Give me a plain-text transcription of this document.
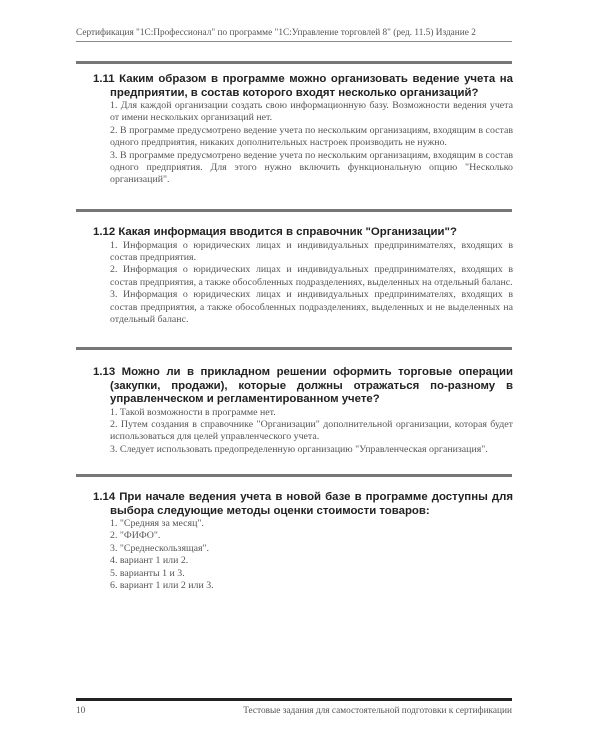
Сертификация "1С:Профессионал" по программе "1С:Управление торговлей 8" (ред. 11.5) Издание 2
1.11 Каким образом в программе можно организовать ведение учета на предприятии, в состав которого входят несколько организаций?
1. Для каждой организации создать свою информационную базу. Возможности ведения учета от имени нескольких организаций нет.
2. В программе предусмотрено ведение учета по нескольким организациям, входящим в состав одного предприятия, никаких дополнительных настроек производить не нужно.
3. В программе предусмотрено ведение учета по нескольким организациям, входящим в состав одного предприятия. Для этого нужно включить функциональную опцию "Несколько организаций".
1.12 Какая информация вводится в справочник "Организации"?
1. Информация о юридических лицах и индивидуальных предпринимателях, входящих в состав предприятия.
2. Информация о юридических лицах и индивидуальных предпринимателях, входящих в состав предприятия, а также обособленных подразделениях, выделенных на отдельный баланс.
3. Информация о юридических лицах и индивидуальных предпринимателях, входящих в состав предприятия, а также обособленных подразделениях, выделенных и не выделенных на отдельный баланс.
1.13 Можно ли в прикладном решении оформить торговые операции (закупки, продажи), которые должны отражаться по-разному в управленческом и регламентированном учете?
1. Такой возможности в программе нет.
2. Путем создания в справочнике "Организации" дополнительной организации, которая будет использоваться для целей управленческого учета.
3. Следует использовать предопределенную организацию "Управленческая организация".
1.14 При начале ведения учета в новой базе в программе доступны для выбора следующие методы оценки стоимости товаров:
1. "Средняя за месяц".
2. "ФИФО".
3. "Среднескользящая".
4. вариант 1 или 2.
5. варианты 1 и 3.
6. вариант 1 или 2 или 3.
10	Тестовые задания для самостоятельной подготовки к сертификации
